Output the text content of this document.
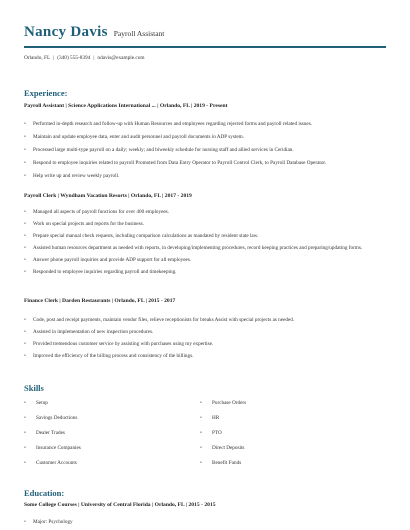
Nancy Davis Payroll Assistant
Orlando, FL | (340) 555-8394 | ndavis@example.com
Experience:
Payroll Assistant | Science Applications International ... | Orlando, FL | 2019 - Present
• Performed in-depth research and follow-up with Human Resources and employees regarding rejected forms and payroll related issues.
• Maintain and update employee data, enter and audit personnel and payroll documents in ADP system.
• Processed large multi-type payroll on a daily; weekly; and biweekly schedule for nursing staff and allied services in Ceridian.
• Respond to employee inquiries related to payroll Promoted from Data Entry Operator to Payroll Control Clerk, to Payroll Database Operator.
• Help write up and review weekly payroll.
Payroll Clerk | Wyndham Vacation Resorts | Orlando, FL | 2017 - 2019
• Managed all aspects of payroll functions for over 400 employees.
• Work on special projects and reports for the business.
• Prepare special manual check requests, including comparison calculations as mandated by resident state law.
• Assisted human resources department as needed with reports, in developing/implementing procedures, record keeping practices and preparing/updating forms.
• Answer phone payroll inquiries and provide ADP support for all employees.
• Responded to employee inquiries regarding payroll and timekeeping.
Finance Clerk | Darden Restaurants | Orlando, FL | 2015 - 2017
• Code, post and receipt payments, maintain vendor files, relieve receptionists for breaks Assist with special projects as needed.
• Assisted in implementation of new inspection procedures.
• Provided tremendous customer service by assisting with purchases using my expertise.
• Improved the efficiency of the billing process and consistency of the billings.
Skills
• Setup
• Savings Deductions
• Dealer Trades
• Insurance Companies
• Customer Accounts
• Purchase Orders
• HR
• PTO
• Direct Deposits
• Benefit Funds
Education:
Some College Courses | University of Central Florida | Orlando, FL | 2015 - 2015
• Major: Psychology
